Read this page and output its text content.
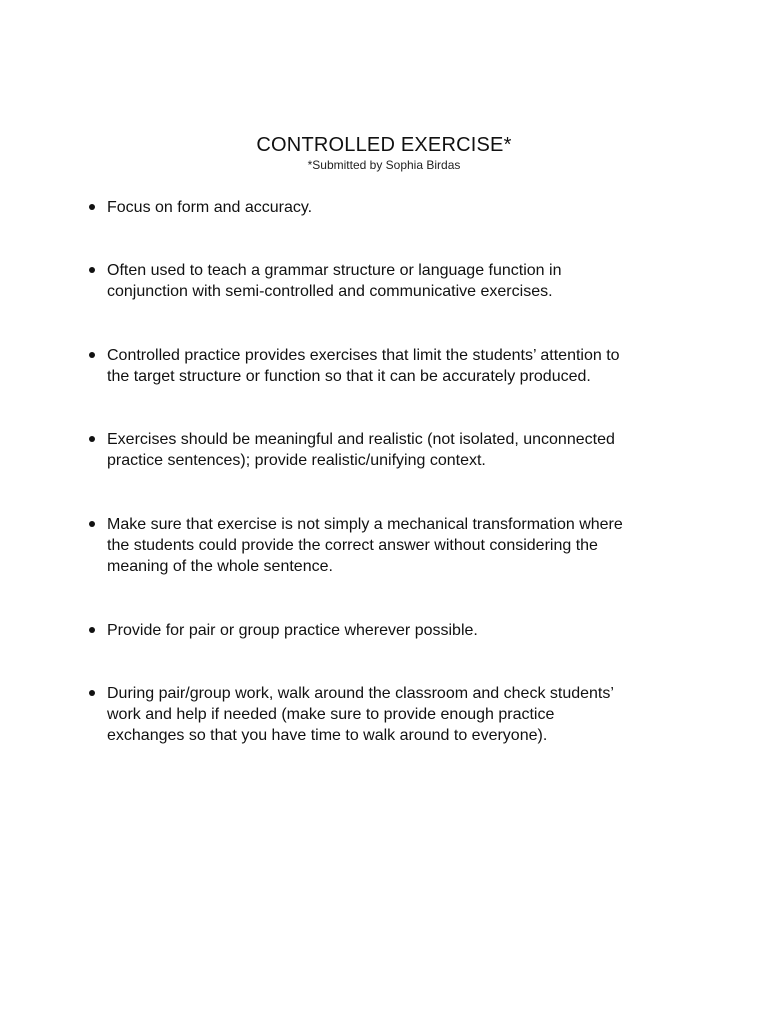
CONTROLLED EXERCISE*

*Submitted by Sophia Birdas

Focus on form and accuracy.

Often used to teach a grammar structure or language function in
conjunction with semi-controlled and communicative exercises.

Controlled practice provides exercises that limit the students’ attention to
the target structure or function so that it can be accurately produced.

Exercises should be meaningful and realistic (not isolated, unconnected
practice sentences); provide realistic/unifying context.

Make sure that exercise is not simply a mechanical transformation where
the students could provide the correct answer without considering the
meaning of the whole sentence.

Provide for pair or group practice wherever possible.

During pair/group work, walk around the classroom and check students’
work and help if needed (make sure to provide enough practice
exchanges so that you have time to walk around to everyone).
